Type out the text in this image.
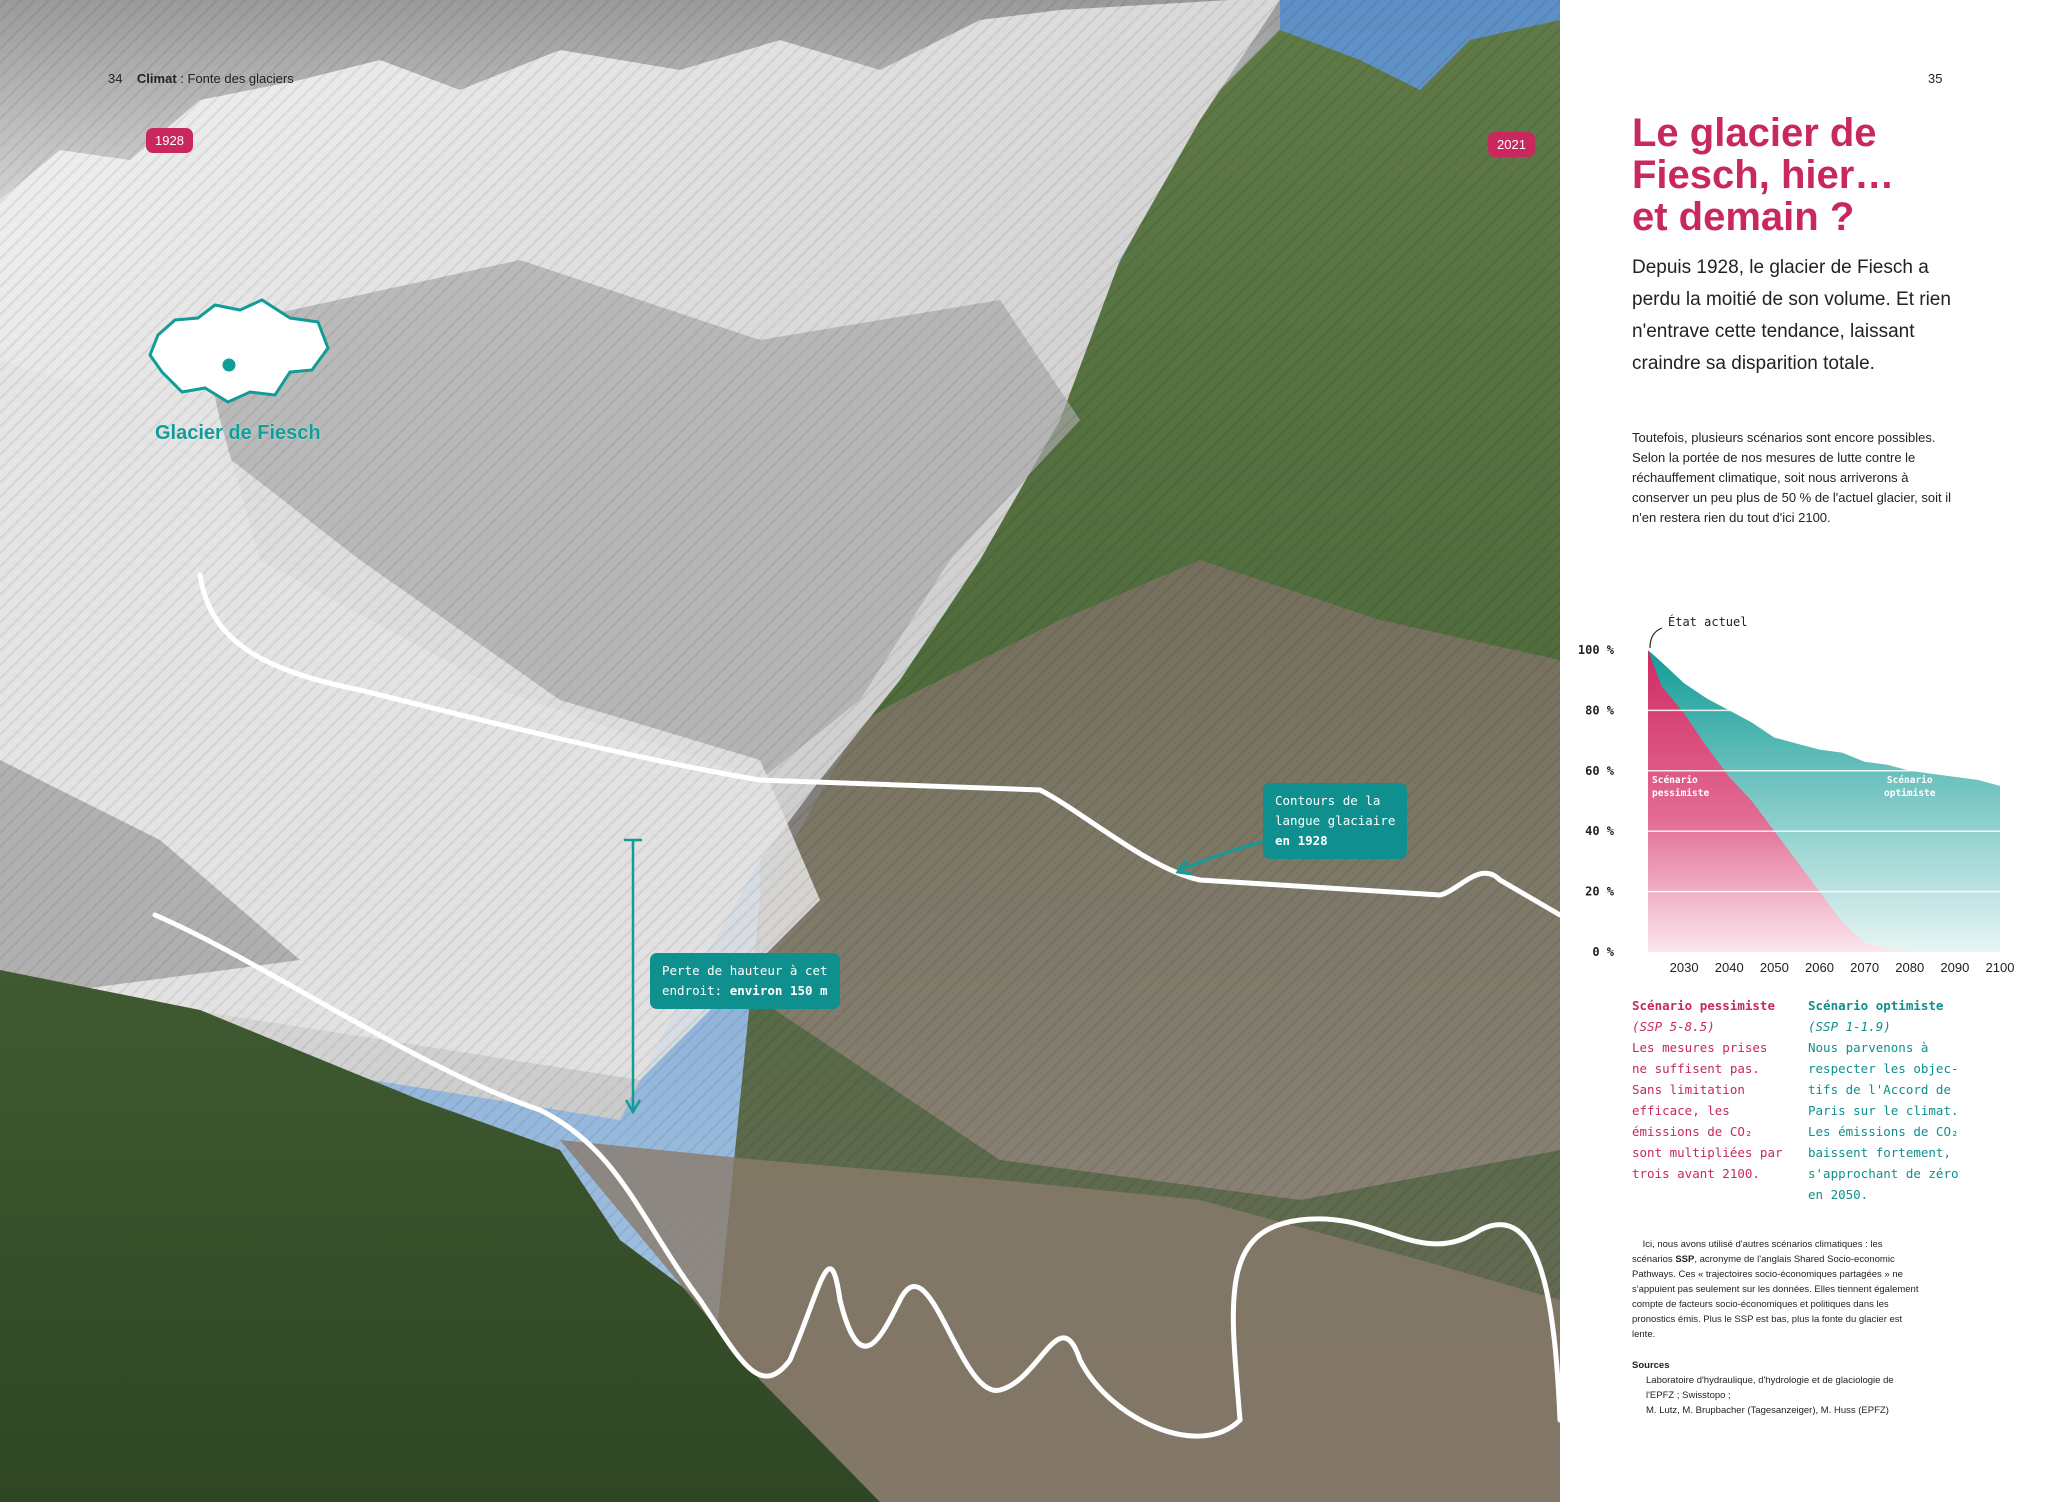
34 Climat : Fonte des glaciers
1928	2021
Glacier de Fiesch
Contours de la
langue glaciaire
en 1928
Perte de hauteur à cet
endroit: environ 150 m
35
Le glacier de
Fiesch, hier…
et demain ?
Depuis 1928, le glacier de Fiesch a perdu la moitié de son volume. Et rien n'entrave cette tendance, laissant craindre sa disparition totale.
Toutefois, plusieurs scénarios sont encore possibles. Selon la portée de nos mesures de lutte contre le réchauffement climatique, soit nous arriverons à conserver un peu plus de 50 % de l'actuel glacier, soit il n'en restera rien du tout d'ici 2100.
100 %
80 %
60 %
40 %
20 %
0 %
2030 2040 2050 2060 2070 2080 2090 2100
Scénario
optimiste
Scénario
pessimiste
État actuel
Scénario pessimiste
(SSP 5-8.5)
Les mesures prises
ne suffisent pas.
Sans limitation
efficace, les
émissions de CO₂
sont multipliées par
trois avant 2100.
Scénario optimiste
(SSP 1-1.9)
Nous parvenons à
respecter les objec-
tifs de l'Accord de
Paris sur le climat.
Les émissions de CO₂
baissent fortement,
s'approchant de zéro
en 2050.
Ici, nous avons utilisé d'autres scénarios climatiques : les scénarios SSP, acronyme de l'anglais Shared Socio-economic Pathways. Ces « trajectoires socio-économiques partagées » ne s'appuient pas seulement sur les données. Elles tiennent également compte de facteurs socio-économiques et politiques dans les pronostics émis. Plus le SSP est bas, plus la fonte du glacier est lente.
Sources
Laboratoire d'hydraulique, d'hydrologie et de glaciologie de l'EPFZ ; Swisstopo ;
M. Lutz, M. Brupbacher (Tagesanzeiger), M. Huss (EPFZ)
